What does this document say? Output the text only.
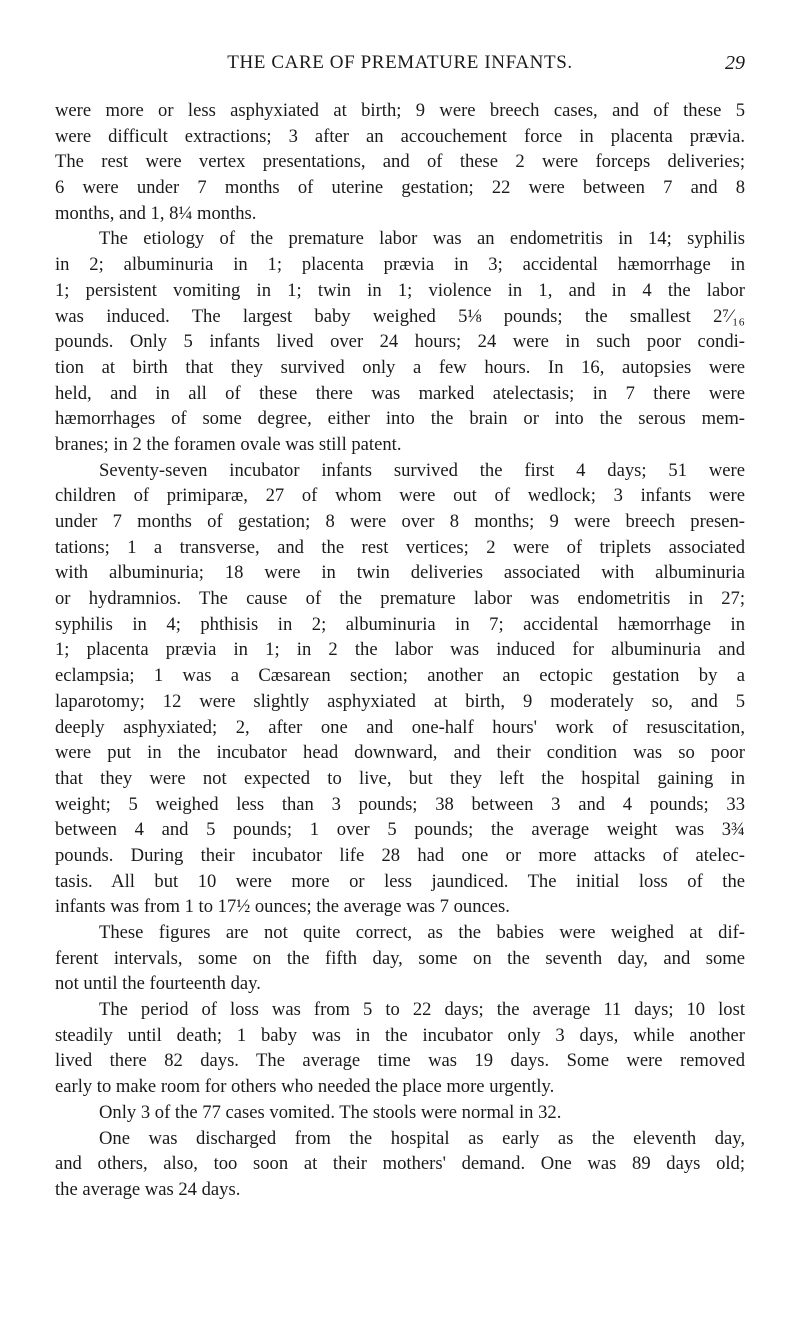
THE CARE OF PREMATURE INFANTS.	29
were more or less asphyxiated at birth; 9 were breech cases, and of these 5
were difficult extractions; 3 after an accouchement force in placenta prævia.
The rest were vertex presentations, and of these 2 were forceps deliveries;
6 were under 7 months of uterine gestation; 22 were between 7 and 8
months, and 1, 8¼ months.
The etiology of the premature labor was an endometritis in 14; syphilis
in 2; albuminuria in 1; placenta prævia in 3; accidental hæmorrhage in
1; persistent vomiting in 1; twin in 1; violence in 1, and in 4 the labor
was induced. The largest baby weighed 5⅛ pounds; the smallest 2⁷⁄₁₆
pounds. Only 5 infants lived over 24 hours; 24 were in such poor condi-
tion at birth that they survived only a few hours. In 16, autopsies were
held, and in all of these there was marked atelectasis; in 7 there were
hæmorrhages of some degree, either into the brain or into the serous mem-
branes; in 2 the foramen ovale was still patent.
Seventy-seven incubator infants survived the first 4 days; 51 were
children of primiparæ, 27 of whom were out of wedlock; 3 infants were
under 7 months of gestation; 8 were over 8 months; 9 were breech presen-
tations; 1 a transverse, and the rest vertices; 2 were of triplets associated
with albuminuria; 18 were in twin deliveries associated with albuminuria
or hydramnios. The cause of the premature labor was endometritis in 27;
syphilis in 4; phthisis in 2; albuminuria in 7; accidental hæmorrhage in
1; placenta prævia in 1; in 2 the labor was induced for albuminuria and
eclampsia; 1 was a Cæsarean section; another an ectopic gestation by a
laparotomy; 12 were slightly asphyxiated at birth, 9 moderately so, and 5
deeply asphyxiated; 2, after one and one-half hours' work of resuscitation,
were put in the incubator head downward, and their condition was so poor
that they were not expected to live, but they left the hospital gaining in
weight; 5 weighed less than 3 pounds; 38 between 3 and 4 pounds; 33
between 4 and 5 pounds; 1 over 5 pounds; the average weight was 3¾
pounds. During their incubator life 28 had one or more attacks of atelec-
tasis. All but 10 were more or less jaundiced. The initial loss of the
infants was from 1 to 17½ ounces; the average was 7 ounces.
These figures are not quite correct, as the babies were weighed at dif-
ferent intervals, some on the fifth day, some on the seventh day, and some
not until the fourteenth day.
The period of loss was from 5 to 22 days; the average 11 days; 10 lost
steadily until death; 1 baby was in the incubator only 3 days, while another
lived there 82 days. The average time was 19 days. Some were removed
early to make room for others who needed the place more urgently.
Only 3 of the 77 cases vomited. The stools were normal in 32.
One was discharged from the hospital as early as the eleventh day,
and others, also, too soon at their mothers' demand. One was 89 days old;
the average was 24 days.
